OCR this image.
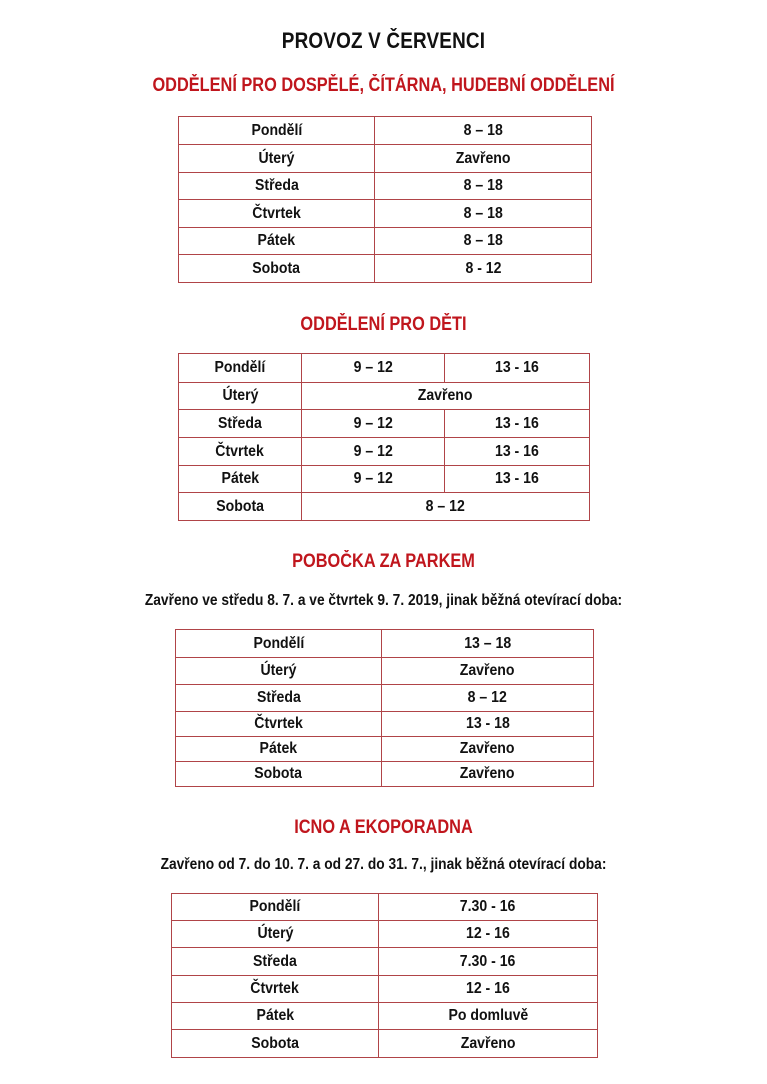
PROVOZ V ČERVENCI
ODDĚLENÍ PRO DOSPĚLÉ, ČÍTÁRNA, HUDEBNÍ ODDĚLENÍ
Pondělí	8 – 18
Úterý	Zavřeno
Středa	8 – 18
Čtvrtek	8 – 18
Pátek	8 – 18
Sobota	8 - 12
ODDĚLENÍ PRO DĚTI
Pondělí	9 – 12	13 - 16
Úterý	Zavřeno	
Středa	9 – 12	13 - 16
Čtvrtek	9 – 12	13 - 16
Pátek	9 – 12	13 - 16
Sobota	8 – 12	
POBOČKA ZA PARKEM
Zavřeno ve středu 8. 7. a ve čtvrtek 9. 7. 2019, jinak běžná otevírací doba:
Pondělí	13 – 18
Úterý	Zavřeno
Středa	8 – 12
Čtvrtek	13 - 18
Pátek	Zavřeno
Sobota	Zavřeno
ICNO A EKOPORADNA
Zavřeno od 7. do 10. 7. a od 27. do 31. 7., jinak běžná otevírací doba:
Pondělí	7.30 - 16
Úterý	12 - 16
Středa	7.30 - 16
Čtvrtek	12 - 16
Pátek	Po domluvě
Sobota	Zavřeno
